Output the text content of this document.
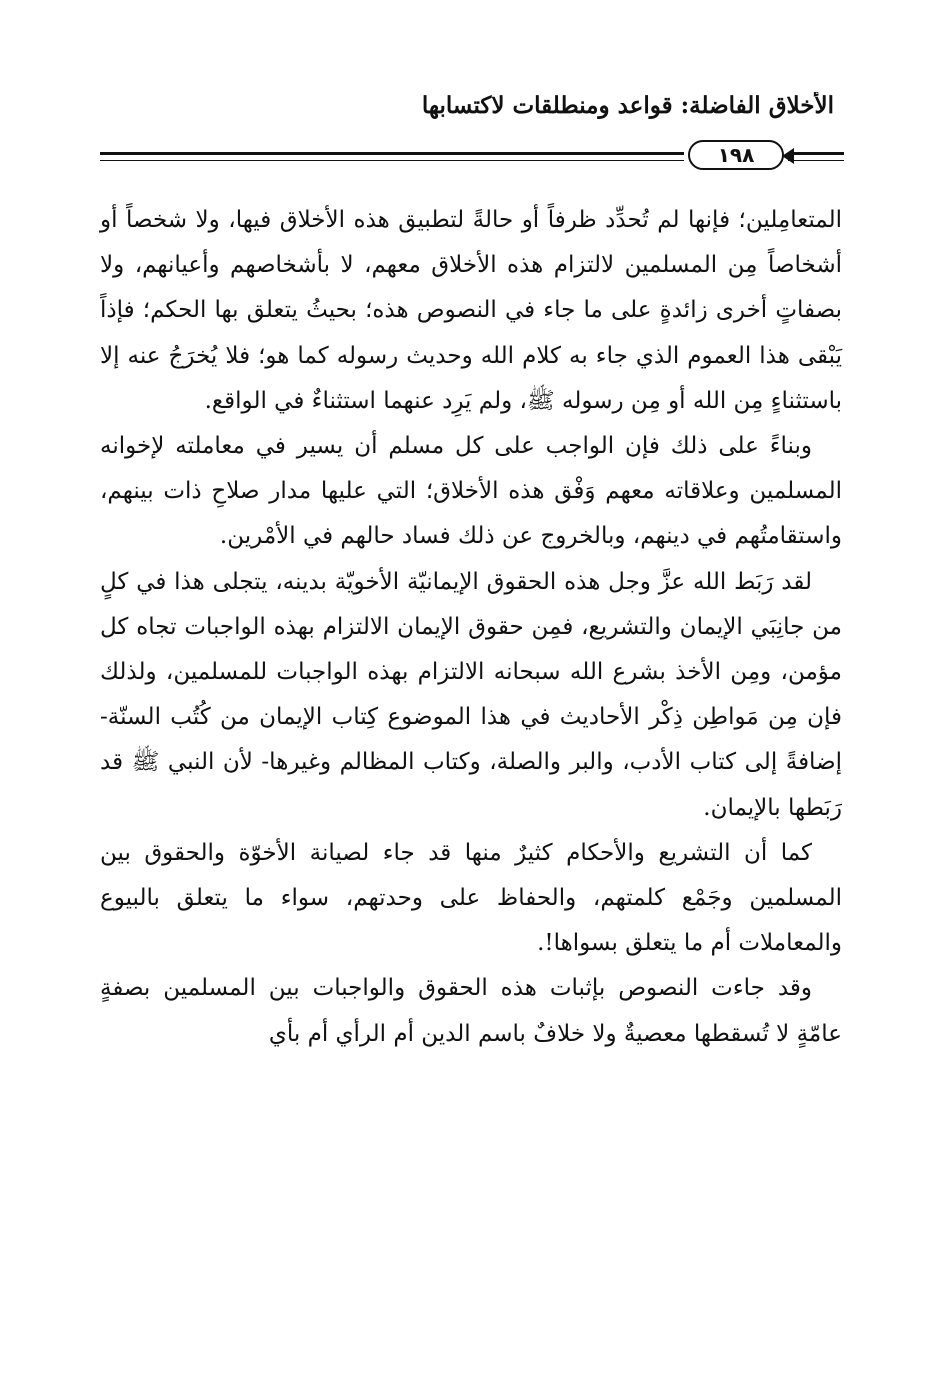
الأخلاق الفاضلة: قواعد ومنطلقات لاكتسابها
١٩٨

المتعامِلين؛ فإنها لم تُحدِّد ظرفاً أو حالةً لتطبيق هذه الأخلاق فيها، ولا شخصاً أو أشخاصاً مِن المسلمين لالتزام هذه الأخلاق معهم، لا بأشخاصهم وأعيانهم، ولا بصفاتٍ أخرى زائدةٍ على ما جاء في النصوص هذه؛ بحيثُ يتعلق بها الحكم؛ فإذاً يَبْقى هذا العموم الذي جاء به كلام الله وحديث رسوله كما هو؛ فلا يُخرَجُ عنه إلا باستثناءٍ مِن الله أو مِن رسوله ﷺ، ولم يَرِد عنهما استثناءٌ في الواقع.

وبناءً على ذلك فإن الواجب على كل مسلم أن يسير في معاملته لإخوانه المسلمين وعلاقاته معهم وَفْق هذه الأخلاق؛ التي عليها مدار صلاحِ ذات بينهم، واستقامتُهم في دينهم، وبالخروج عن ذلك فساد حالهم في الأمْرين.

لقد رَبَط الله عزَّ وجل هذه الحقوق الإيمانيّة الأخويّة بدينه، يتجلى هذا في كلٍ من جانِبَي الإيمان والتشريع، فمِن حقوق الإيمان الالتزام بهذه الواجبات تجاه كل مؤمن، ومِن الأخذ بشرع الله سبحانه الالتزام بهذه الواجبات للمسلمين، ولذلك فإن مِن مَواطِن ذِكْر الأحاديث في هذا الموضوع كِتاب الإيمان من كُتُب السنّة-إضافةً إلى كتاب الأدب، والبر والصلة، وكتاب المظالم وغيرها- لأن النبي ﷺ قد رَبَطها بالإيمان.

كما أن التشريع والأحكام كثيرٌ منها قد جاء لصيانة الأخوّة والحقوق بين المسلمين وجَمْع كلمتهم، والحفاظ على وحدتهم، سواء ما يتعلق بالبيوع والمعاملات أم ما يتعلق بسواها!.

وقد جاءت النصوص بإثبات هذه الحقوق والواجبات بين المسلمين بصفةٍ عامّةٍ لا تُسقطها معصيةٌ ولا خلافٌ باسم الدين أم الرأي أم بأي
